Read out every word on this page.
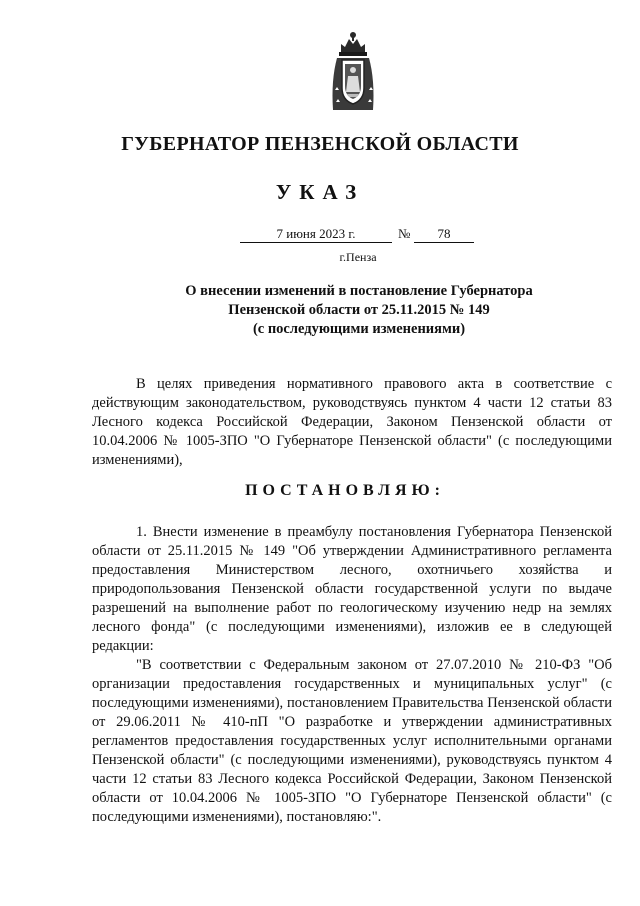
ГУБЕРНАТОР ПЕНЗЕНСКОЙ ОБЛАСТИ
УКАЗ
7 июня 2023 г.	№	78
г.Пенза
О внесении изменений в постановление Губернатора
Пензенской области от 25.11.2015 № 149
(с последующими изменениями)

В целях приведения нормативного правового акта в соответствие с действующим законодательством, руководствуясь пунктом 4 части 12 статьи 83 Лесного кодекса Российской Федерации, Законом Пензенской области от 10.04.2006 № 1005-ЗПО "О Губернаторе Пензенской области" (с последующими изменениями),

ПОСТАНОВЛЯЮ:

1. Внести изменение в преамбулу постановления Губернатора Пензенской области от 25.11.2015 № 149 "Об утверждении Административного регламента предоставления Министерством лесного, охотничьего хозяйства и природопользования Пензенской области государственной услуги по выдаче разрешений на выполнение работ по геологическому изучению недр на землях лесного фонда" (с последующими изменениями), изложив ее в следующей редакции:

"В соответствии с Федеральным законом от 27.07.2010 № 210-ФЗ "Об организации предоставления государственных и муниципальных услуг" (с последующими изменениями), постановлением Правительства Пензенской области от 29.06.2011 № 410-пП "О разработке и утверждении административных регламентов предоставления государственных услуг исполнительными органами Пензенской области" (с последующими изменениями), руководствуясь пунктом 4 части 12 статьи 83 Лесного кодекса Российской Федерации, Законом Пензенской области от 10.04.2006 № 1005-ЗПО "О Губернаторе Пензенской области" (с последующими изменениями), постановляю:".
